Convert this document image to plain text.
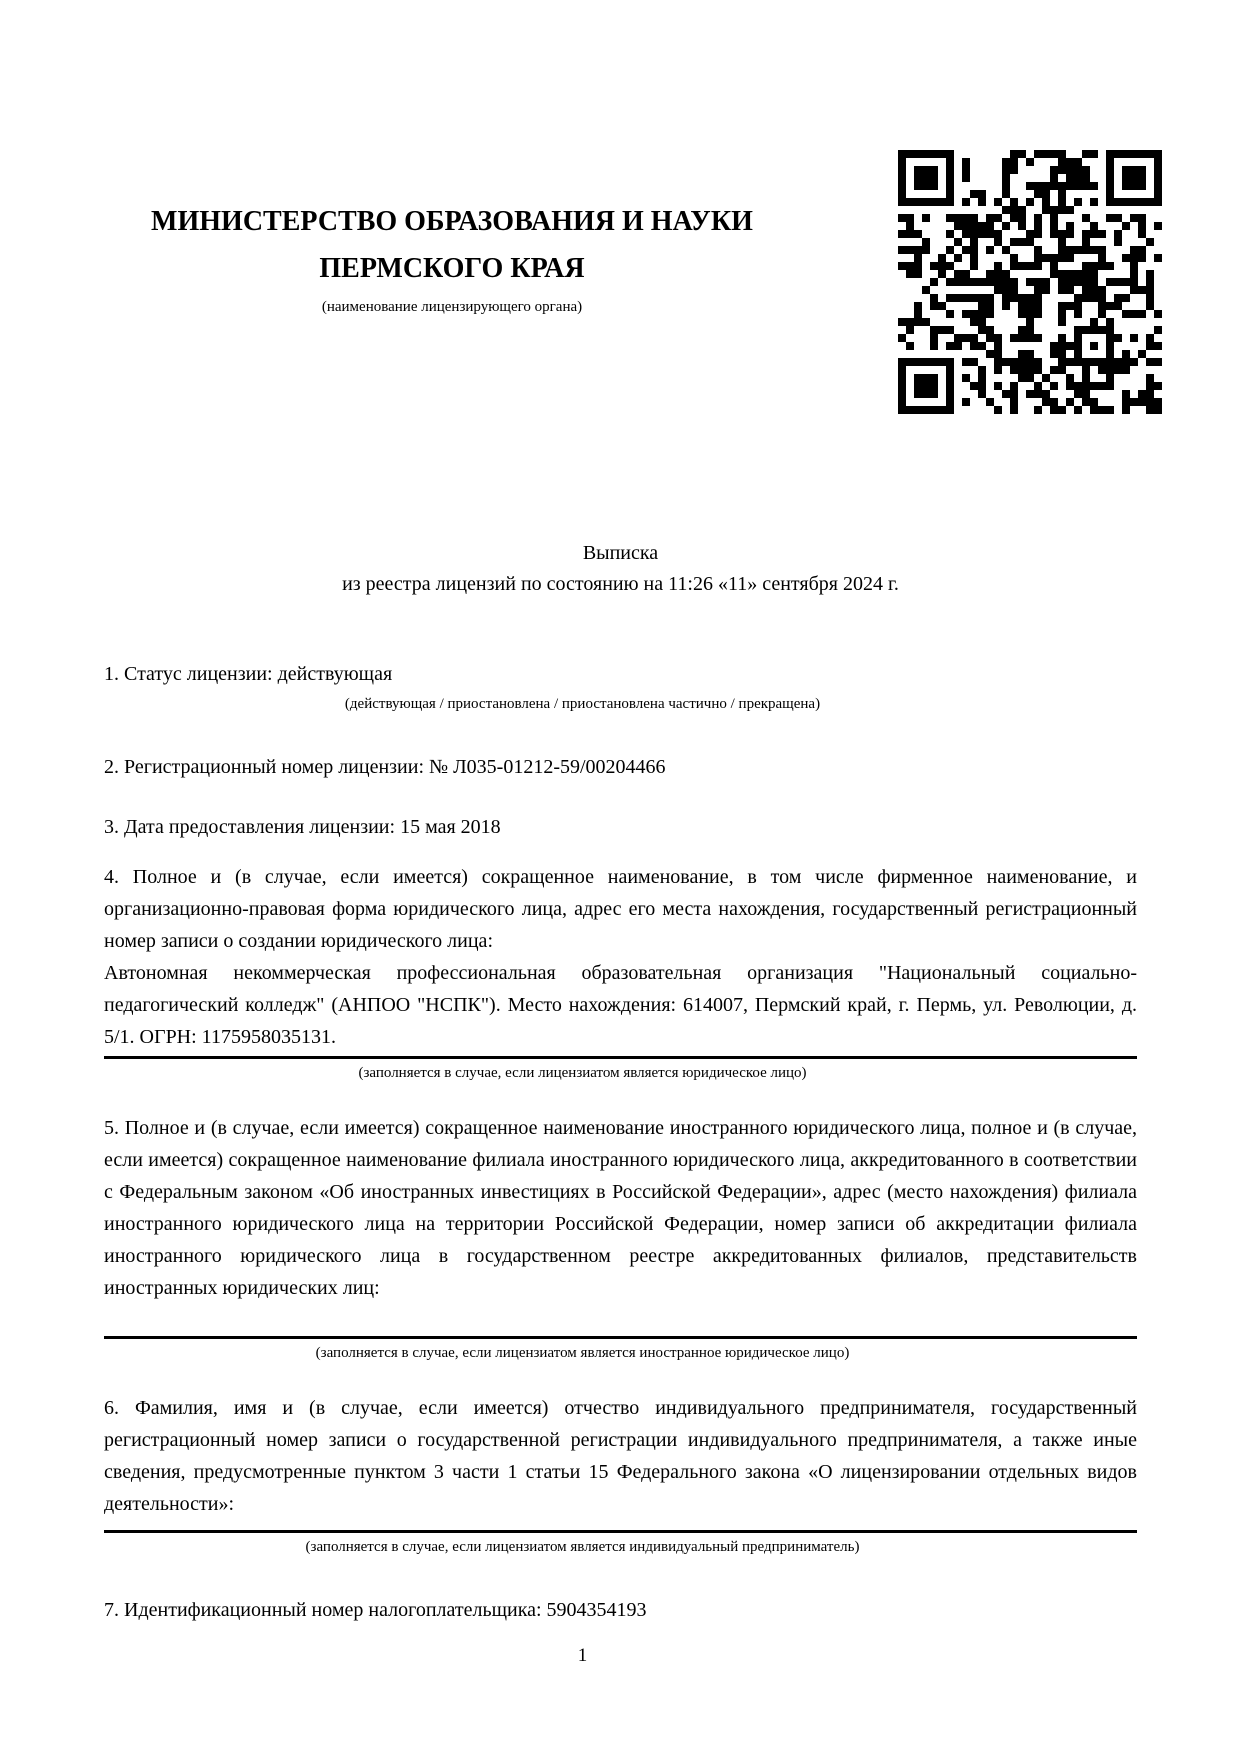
МИНИСТЕРСТВО ОБРАЗОВАНИЯ И НАУКИ
ПЕРМСКОГО КРАЯ
(наименование лицензирующего органа)
Выписка
из реестра лицензий по состоянию на 11:26 «11» сентября 2024 г.
1. Статус лицензии: действующая
(действующая / приостановлена / приостановлена частично / прекращена)
2. Регистрационный номер лицензии: № Л035-01212-59/00204466
3. Дата предоставления лицензии: 15 мая 2018
4. Полное и (в случае, если имеется) сокращенное наименование, в том числе фирменное наименование, и организационно-правовая форма юридического лица, адрес его места нахождения, государственный регистрационный номер записи о создании юридического лица:
Автономная некоммерческая профессиональная образовательная организация "Национальный социально-педагогический колледж" (АНПОО "НСПК"). Место нахождения: 614007, Пермский край, г. Пермь, ул. Революции, д. 5/1. ОГРН: 1175958035131.
(заполняется в случае, если лицензиатом является юридическое лицо)
5. Полное и (в случае, если имеется) сокращенное наименование иностранного юридического лица, полное и (в случае, если имеется) сокращенное наименование филиала иностранного юридического лица, аккредитованного в соответствии с Федеральным законом «Об иностранных инвестициях в Российской Федерации», адрес (место нахождения) филиала иностранного юридического лица на территории Российской Федерации, номер записи об аккредитации филиала иностранного юридического лица в государственном реестре аккредитованных филиалов, представительств иностранных юридических лиц:
(заполняется в случае, если лицензиатом является иностранное юридическое лицо)
6. Фамилия, имя и (в случае, если имеется) отчество индивидуального предпринимателя, государственный регистрационный номер записи о государственной регистрации индивидуального предпринимателя, а также иные сведения, предусмотренные пунктом 3 части 1 статьи 15 Федерального закона «О лицензировании отдельных видов деятельности»:
(заполняется в случае, если лицензиатом является индивидуальный предприниматель)
7. Идентификационный номер налогоплательщика: 5904354193
1
